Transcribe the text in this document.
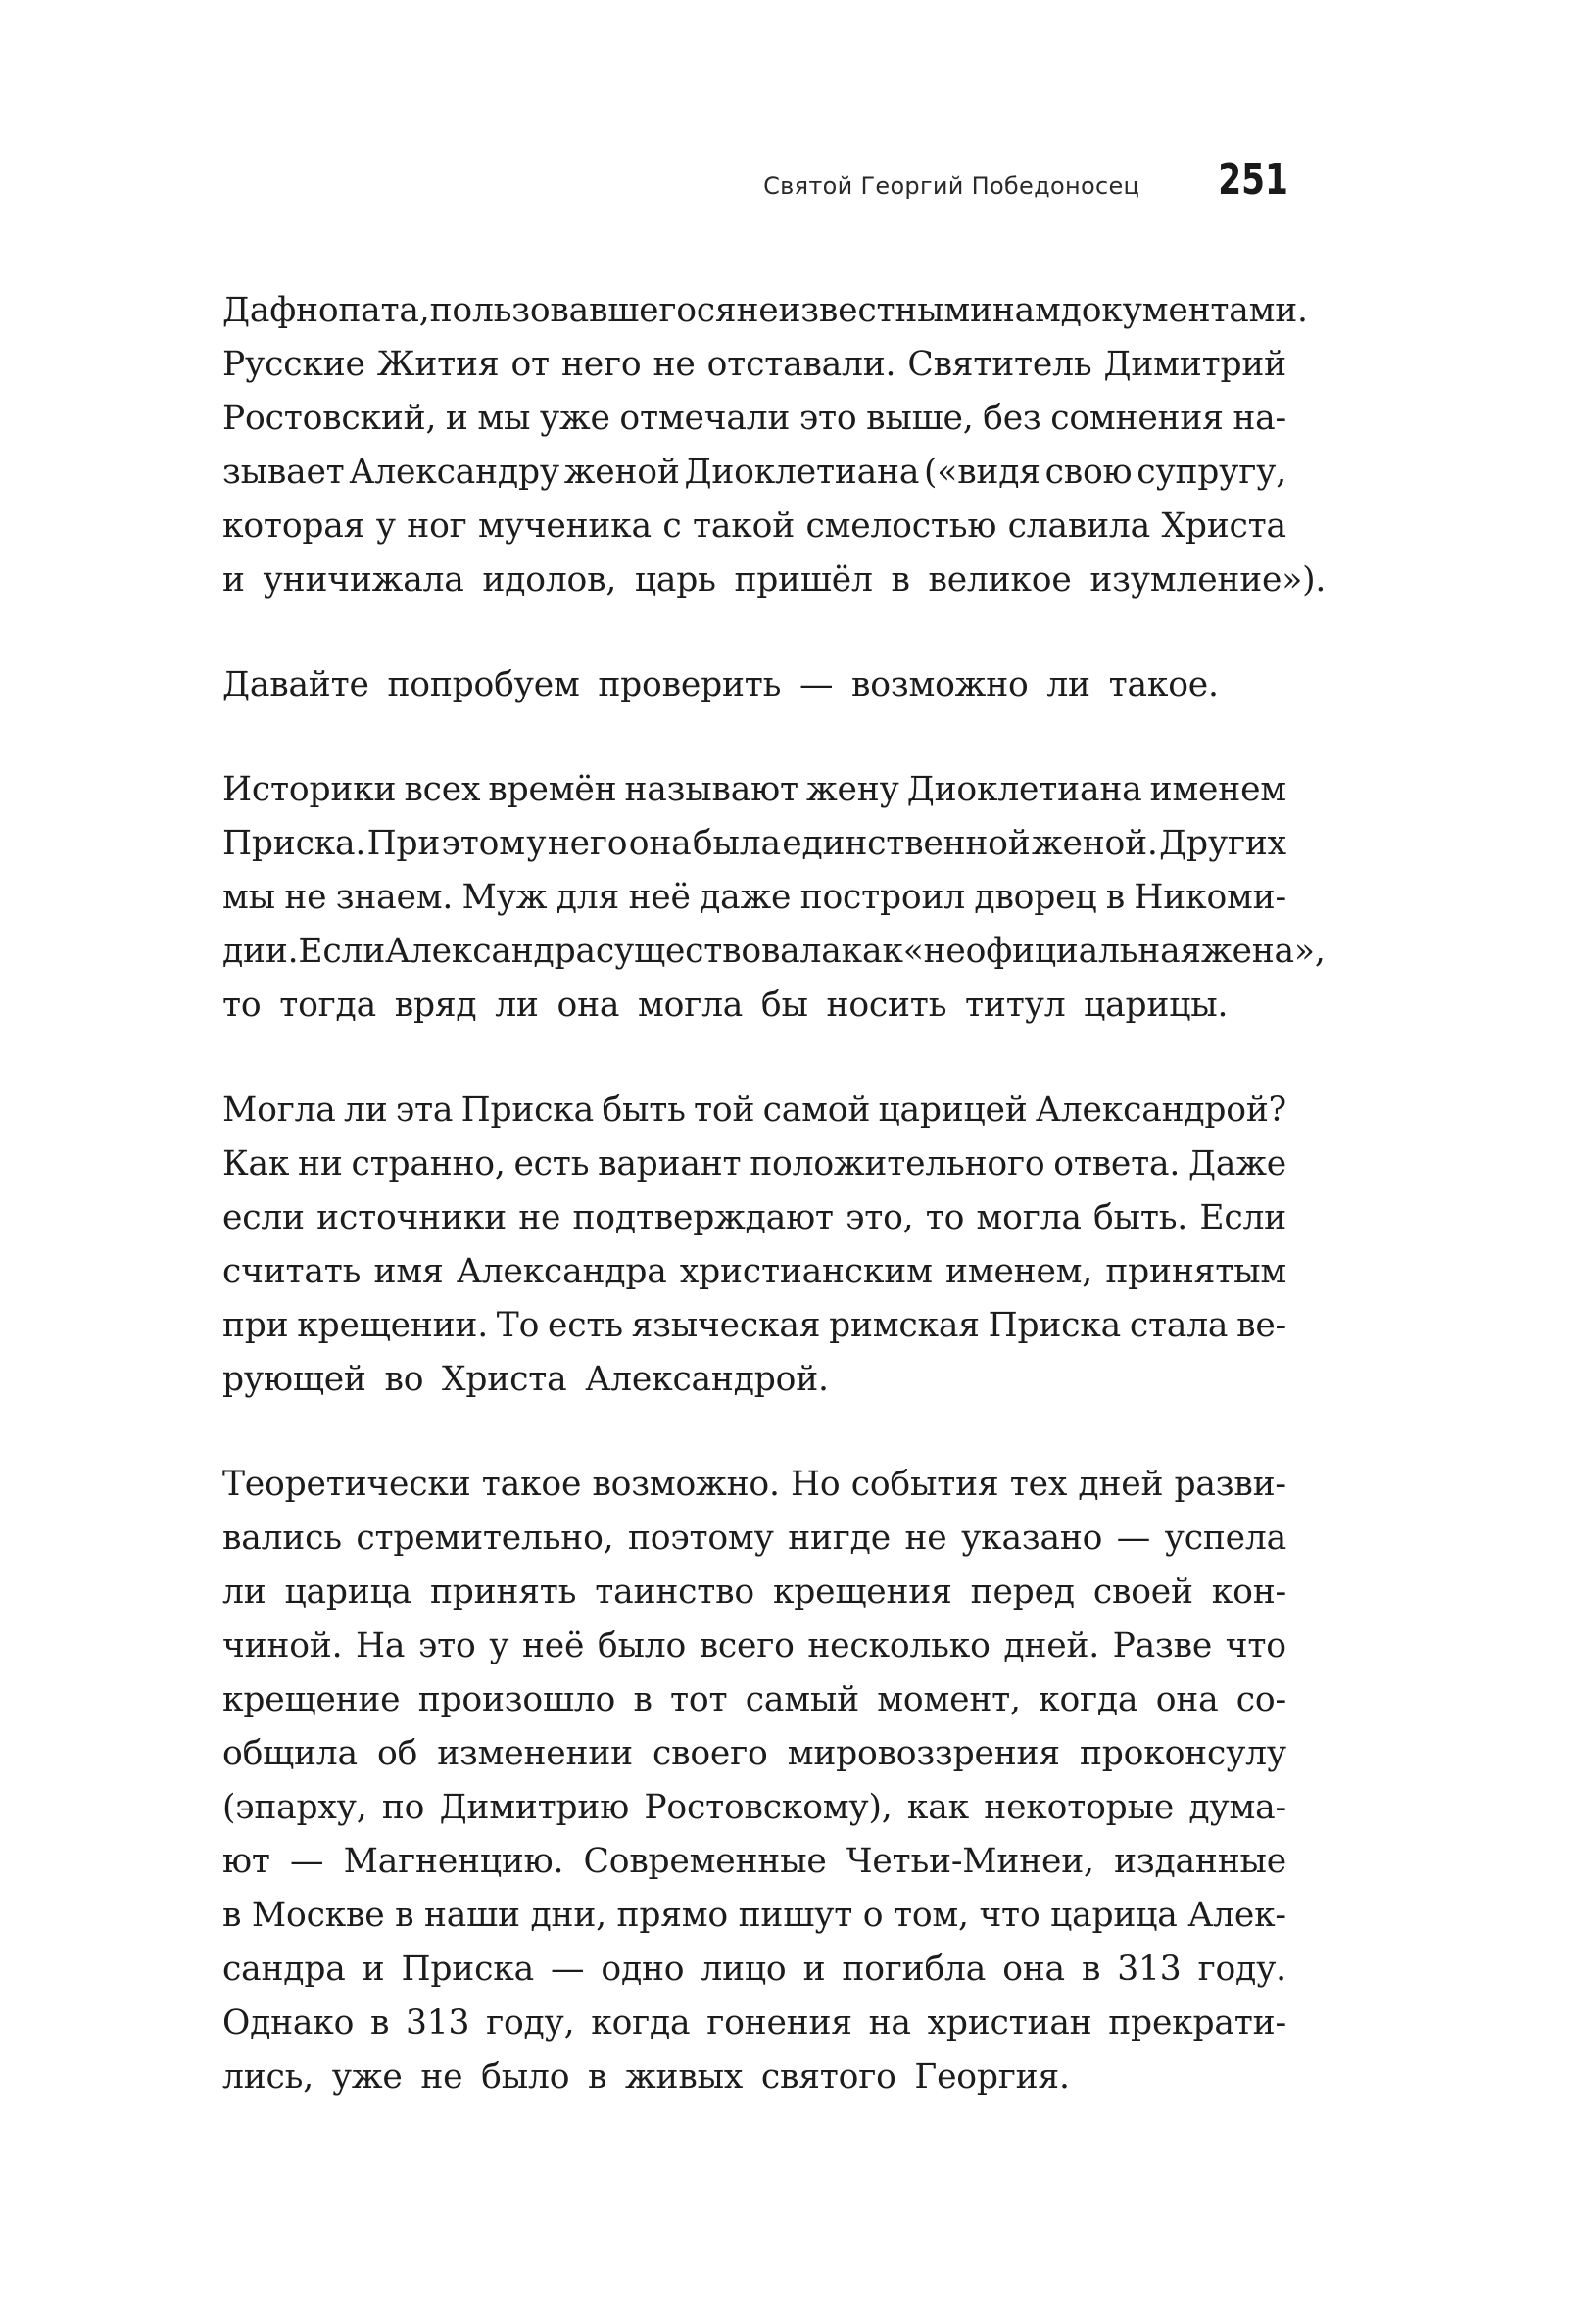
Святой Георгий Победоносец 251
Дафнопата, пользовавшегося неизвестными нам документами.
Русские Жития от него не отставали. Святитель Димитрий
Ростовский, и мы уже отмечали это выше, без сомнения на-
зывает Александру женой Диоклетиана («видя свою супругу,
которая у ног мученика с такой смелостью славила Христа
и уничижала идолов, царь пришёл в великое изумление»).
Давайте попробуем проверить — возможно ли такое.
Историки всех времён называют жену Диоклетиана именем
Приска. При этом у него она была единственной женой. Других
мы не знаем. Муж для неё даже построил дворец в Никоми-
дии. Если Александра существовала как «неофициальная жена»,
то тогда вряд ли она могла бы носить титул царицы.
Могла ли эта Приска быть той самой царицей Александрой?
Как ни странно, есть вариант положительного ответа. Даже
если источники не подтверждают это, то могла быть. Если
считать имя Александра христианским именем, принятым
при крещении. То есть языческая римская Приска стала ве-
рующей во Христа Александрой.
Теоретически такое возможно. Но события тех дней разви-
вались стремительно, поэтому нигде не указано — успела
ли царица принять таинство крещения перед своей кон-
чиной. На это у неё было всего несколько дней. Разве что
крещение произошло в тот самый момент, когда она со-
общила об изменении своего мировоззрения проконсулу
(эпарху, по Димитрию Ростовскому), как некоторые дума-
ют — Магненцию. Современные Четьи-Минеи, изданные
в Москве в наши дни, прямо пишут о том, что царица Алек-
сандра и Приска — одно лицо и погибла она в 313 году.
Однако в 313 году, когда гонения на христиан прекрати-
лись, уже не было в живых святого Георгия.
